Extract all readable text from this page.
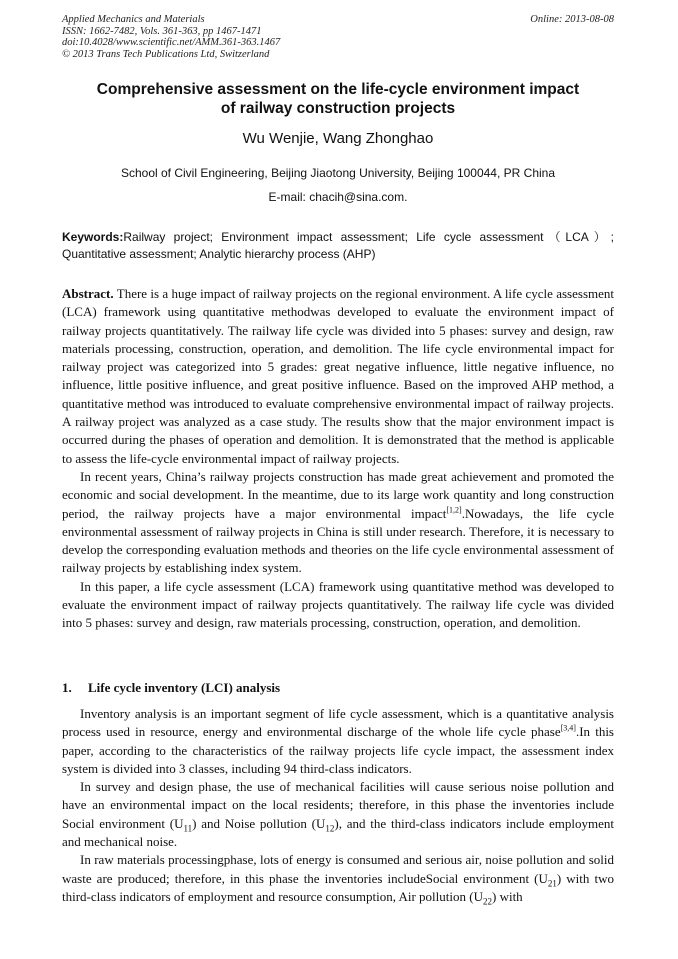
Applied Mechanics and Materials
ISSN: 1662-7482, Vols. 361-363, pp 1467-1471
doi:10.4028/www.scientific.net/AMM.361-363.1467
© 2013 Trans Tech Publications Ltd, Switzerland
Online: 2013-08-08
Comprehensive assessment on the life-cycle environment impact
of railway construction projects
Wu Wenjie, Wang Zhonghao
School of Civil Engineering, Beijing Jiaotong University, Beijing 100044, PR China
E-mail: chacih@sina.com.
Keywords:Railway project; Environment impact assessment; Life cycle assessment（LCA）; Quantitative assessment; Analytic hierarchy process (AHP)

Abstract. There is a huge impact of railway projects on the regional environment. A life cycle assessment (LCA) framework using quantitative methodwas developed to evaluate the environment impact of railway projects quantitatively. The railway life cycle was divided into 5 phases: survey and design, raw materials processing, construction, operation, and demolition. The life cycle environmental impact for railway project was categorized into 5 grades: great negative influence, little negative influence, no influence, little positive influence, and great positive influence. Based on the improved AHP method, a quantitative method was introduced to evaluate comprehensive environmental impact of railway projects. A railway project was analyzed as a case study. The results show that the major environment impact is occurred during the phases of operation and demolition. It is demonstrated that the method is applicable to assess the life-cycle environmental impact of railway projects.

In recent years, China’s railway projects construction has made great achievement and promoted the economic and social development. In the meantime, due to its large work quantity and long construction period, the railway projects have a major environmental impact[1,2].Nowadays, the life cycle environmental assessment of railway projects in China is still under research. Therefore, it is necessary to develop the corresponding evaluation methods and theories on the life cycle environmental assessment of railway projects by establishing index system.

In this paper, a life cycle assessment (LCA) framework using quantitative method was developed to evaluate the environment impact of railway projects quantitatively. The railway life cycle was divided into 5 phases: survey and design, raw materials processing, construction, operation, and demolition.

1. Life cycle inventory (LCI) analysis

Inventory analysis is an important segment of life cycle assessment, which is a quantitative analysis process used in resource, energy and environmental discharge of the whole life cycle phase[3,4].In this paper, according to the characteristics of the railway projects life cycle impact, the assessment index system is divided into 3 classes, including 94 third-class indicators.

In survey and design phase, the use of mechanical facilities will cause serious noise pollution and have an environmental impact on the local residents; therefore, in this phase the inventories include Social environment $(U_{11})$ and Noise pollution $(U_{12})$, and the third-class indicators include employment and mechanical noise.

In raw materials processingphase, lots of energy is consumed and serious air, noise pollution and solid waste are produced; therefore, in this phase the inventories includeSocial environment $(U_{21})$ with two third-class indicators of employment and resource consumption, Air pollution $(U_{22})$ with
